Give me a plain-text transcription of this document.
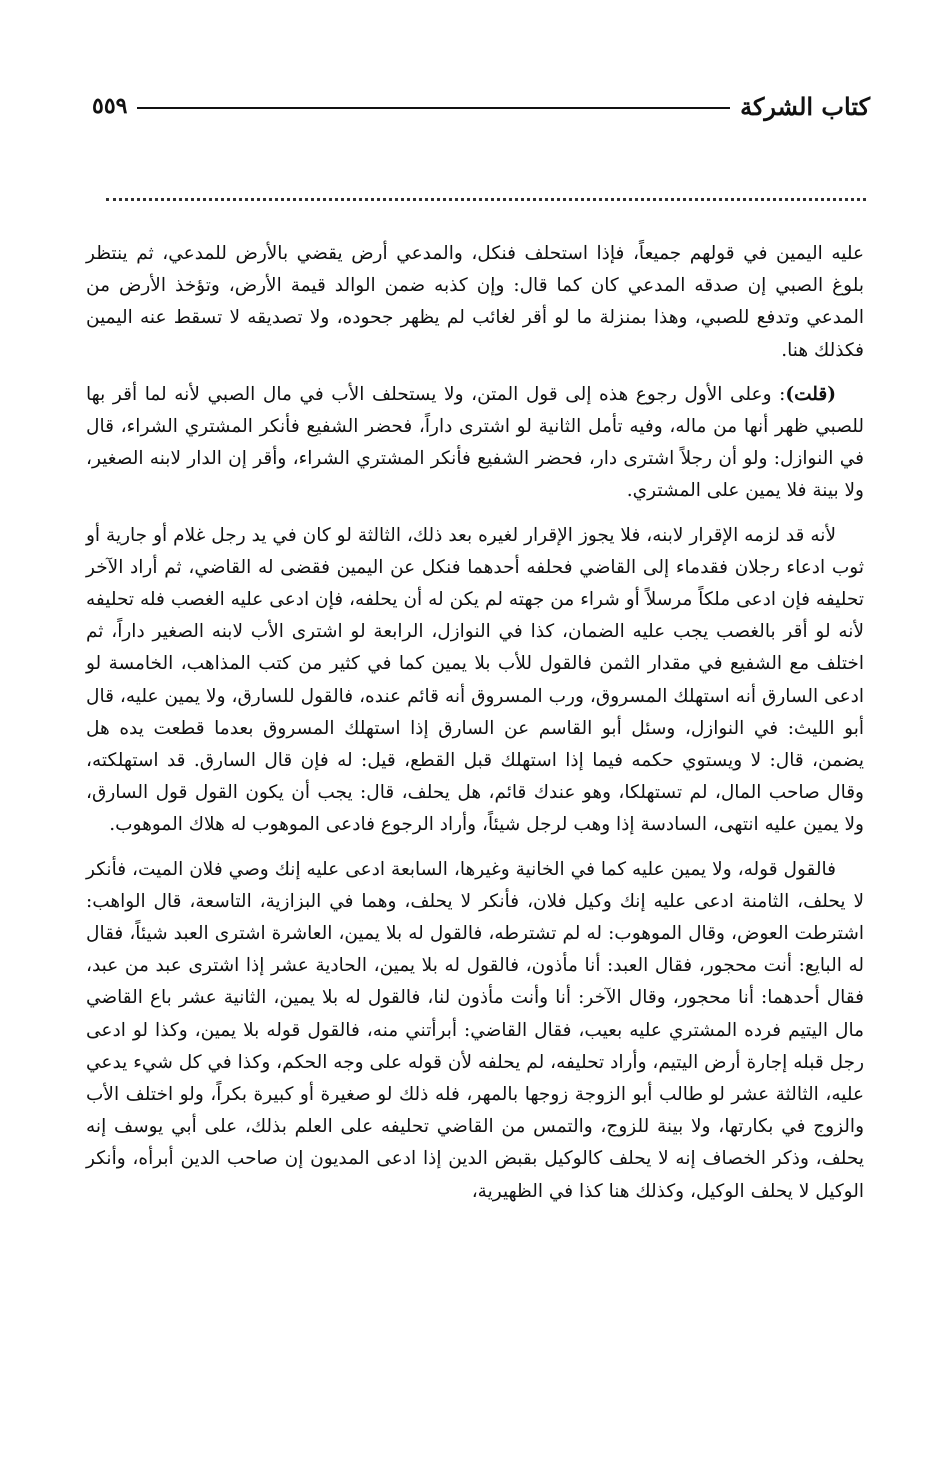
كتاب الشركة
٥٥٩

عليه اليمين في قولهم جميعاً، فإذا استحلف فنكل، والمدعي أرض يقضي بالأرض للمدعي، ثم ينتظر بلوغ الصبي إن صدقه المدعي كان كما قال: وإن كذبه ضمن الوالد قيمة الأرض، وتؤخذ الأرض من المدعي وتدفع للصبي، وهذا بمنزلة ما لو أقر لغائب لم يظهر جحوده، ولا تصديقه لا تسقط عنه اليمين فكذلك هنا.

(قلت): وعلى الأول رجوع هذه إلى قول المتن، ولا يستحلف الأب في مال الصبي لأنه لما أقر بها للصبي ظهر أنها من ماله، وفيه تأمل الثانية لو اشترى داراً، فحضر الشفيع فأنكر المشتري الشراء، قال في النوازل: ولو أن رجلاً اشترى دار، فحضر الشفيع فأنكر المشتري الشراء، وأقر إن الدار لابنه الصغير، ولا بينة فلا يمين على المشتري.

لأنه قد لزمه الإقرار لابنه، فلا يجوز الإقرار لغيره بعد ذلك، الثالثة لو كان في يد رجل غلام أو جارية أو ثوب ادعاء رجلان فقدماء إلى القاضي فحلفه أحدهما فنكل عن اليمين فقضى له القاضي، ثم أراد الآخر تحليفه فإن ادعى ملكاً مرسلاً أو شراء من جهته لم يكن له أن يحلفه، فإن ادعى عليه الغصب فله تحليفه لأنه لو أقر بالغصب يجب عليه الضمان، كذا في النوازل، الرابعة لو اشترى الأب لابنه الصغير داراً، ثم اختلف مع الشفيع في مقدار الثمن فالقول للأب بلا يمين كما في كثير من كتب المذاهب، الخامسة لو ادعى السارق أنه استهلك المسروق، ورب المسروق أنه قائم عنده، فالقول للسارق، ولا يمين عليه، قال أبو الليث: في النوازل، وسئل أبو القاسم عن السارق إذا استهلك المسروق بعدما قطعت يده هل يضمن، قال: لا ويستوي حكمه فيما إذا استهلك قبل القطع، قيل: له فإن قال السارق. قد استهلكته، وقال صاحب المال، لم تستهلكا، وهو عندك قائم، هل يحلف، قال: يجب أن يكون القول قول السارق، ولا يمين عليه انتهى، السادسة إذا وهب لرجل شيئاً، وأراد الرجوع فادعى الموهوب له هلاك الموهوب.

فالقول قوله، ولا يمين عليه كما في الخانية وغيرها، السابعة ادعى عليه إنك وصي فلان الميت، فأنكر لا يحلف، الثامنة ادعى عليه إنك وكيل فلان، فأنكر لا يحلف، وهما في البزازية، التاسعة، قال الواهب: اشترطت العوض، وقال الموهوب: له لم تشترطه، فالقول له بلا يمين، العاشرة اشترى العبد شيئاً، فقال له البايع: أنت محجور، فقال العبد: أنا مأذون، فالقول له بلا يمين، الحادية عشر إذا اشترى عبد من عبد، فقال أحدهما: أنا محجور، وقال الآخر: أنا وأنت مأذون لنا، فالقول له بلا يمين، الثانية عشر باع القاضي مال اليتيم فرده المشتري عليه بعيب، فقال القاضي: أبرأتني منه، فالقول قوله بلا يمين، وكذا لو ادعى رجل قبله إجارة أرض اليتيم، وأراد تحليفه، لم يحلفه لأن قوله على وجه الحكم، وكذا في كل شيء يدعي عليه، الثالثة عشر لو طالب أبو الزوجة زوجها بالمهر، فله ذلك لو صغيرة أو كبيرة بكراً، ولو اختلف الأب والزوج في بكارتها، ولا بينة للزوج، والتمس من القاضي تحليفه على العلم بذلك، على أبي يوسف إنه يحلف، وذكر الخصاف إنه لا يحلف كالوكيل بقبض الدين إذا ادعى المديون إن صاحب الدين أبرأه، وأنكر الوكيل لا يحلف الوكيل، وكذلك هنا كذا في الظهيرية،
